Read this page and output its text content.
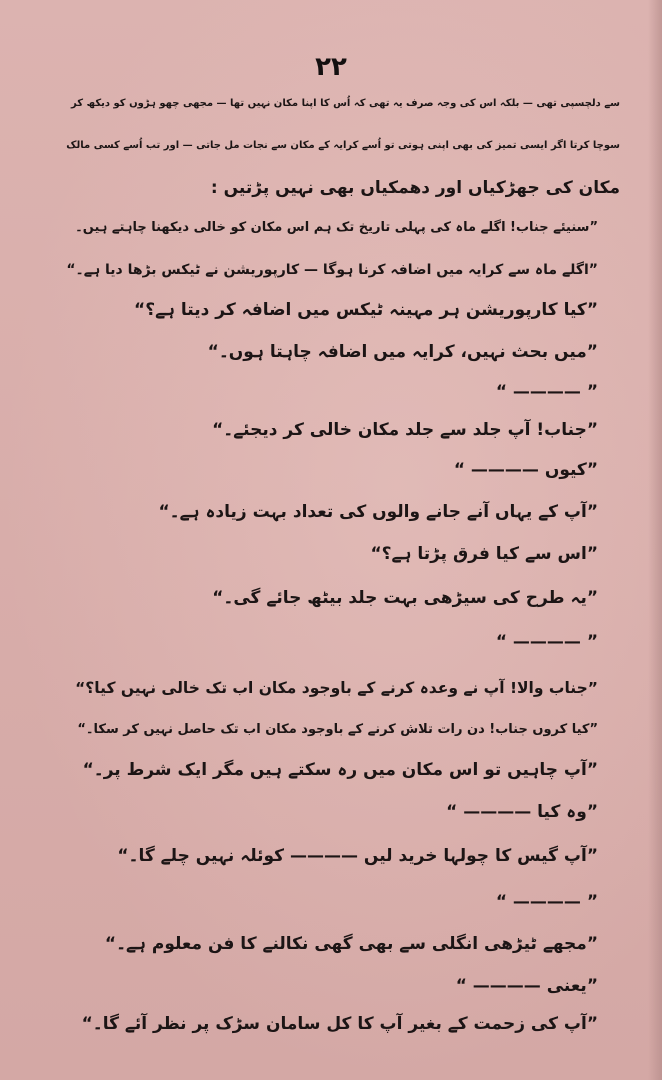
۲۲
سے دلچسپی تھی — بلکہ اس کی وجہ صرف یہ تھی کہ اُس کا اپنا مکان نہیں تھا — مجھی چھو ہڑوں کو دیکھ کر
سوچا کرتا اگر ایسی تمیز کی بھی اپنی ہوتی تو اُسے کرایہ کے مکان سے نجات مل جاتی — اور تب اُسے کسی مالک
مکان کی جھڑکیاں اور دھمکیاں بھی نہیں پڑتیں :
”سنیئے جناب! اگلے ماہ کی پہلی تاریخ تک ہم اس مکان کو خالی دیکھنا چاہتے ہیں۔
”اگلے ماہ سے کرایہ میں اضافہ کرنا ہوگا — کارپوریشن نے ٹیکس بڑھا دیا ہے۔“
”کیا کارپوریشن ہر مہینہ ٹیکس میں اضافہ کر دیتا ہے؟“
”میں بحث نہیں، کرایہ میں اضافہ چاہتا ہوں۔“
” ———— “
”جناب! آپ جلد سے جلد مکان خالی کر دیجئے۔“
”کیوں ———— “
”آپ کے یہاں آنے جانے والوں کی تعداد بہت زیادہ ہے۔“
”اس سے کیا فرق پڑتا ہے؟“
”یہ طرح کی سیڑھی بہت جلد بیٹھ جائے گی۔“
” ———— “
”جناب والا! آپ نے وعدہ کرنے کے باوجود مکان اب تک خالی نہیں کیا؟“
”کیا کروں جناب! دن رات تلاش کرنے کے باوجود مکان اب تک حاصل نہیں کر سکا۔“
”آپ چاہیں تو اس مکان میں رہ سکتے ہیں مگر ایک شرط پر۔“
”وہ کیا ———— “
”آپ گیس کا چولہا خرید لیں ———— کوئلہ نہیں چلے گا۔“
” ———— “
”مجھے ٹیڑھی انگلی سے بھی گھی نکالنے کا فن معلوم ہے۔“
”یعنی ———— “
”آپ کی زحمت کے بغیر آپ کا کل سامان سڑک پر نظر آئے گا۔“
